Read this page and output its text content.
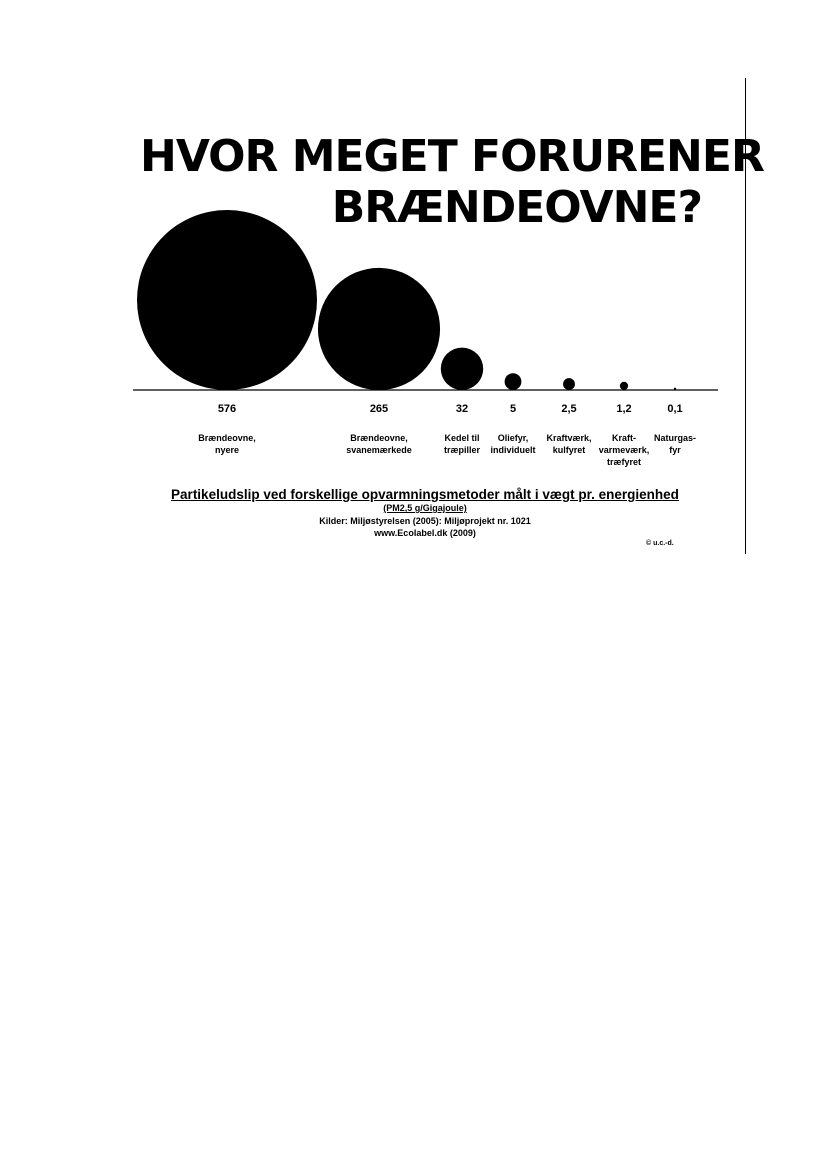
HVOR MEGET FORURENER
BRÆNDEOVNE?
576
Brændeovne, nyere
265
Brændeovne, svanemærkede
32
Kedel til træpiller
5
Oliefyr, individuelt
2,5
Kraftværk, kulfyret
1,2
Kraft-varmeværk, træfyret
0,1
Naturgas-fyr
Partikeludslip ved forskellige opvarmningsmetoder målt i vægt pr. energienhed
(PM2,5 g/Gigajoule)
Kilder: Miljøstyrelsen (2005): Miljøprojekt nr. 1021
www.Ecolabel.dk (2009)
© u.c.-d.
